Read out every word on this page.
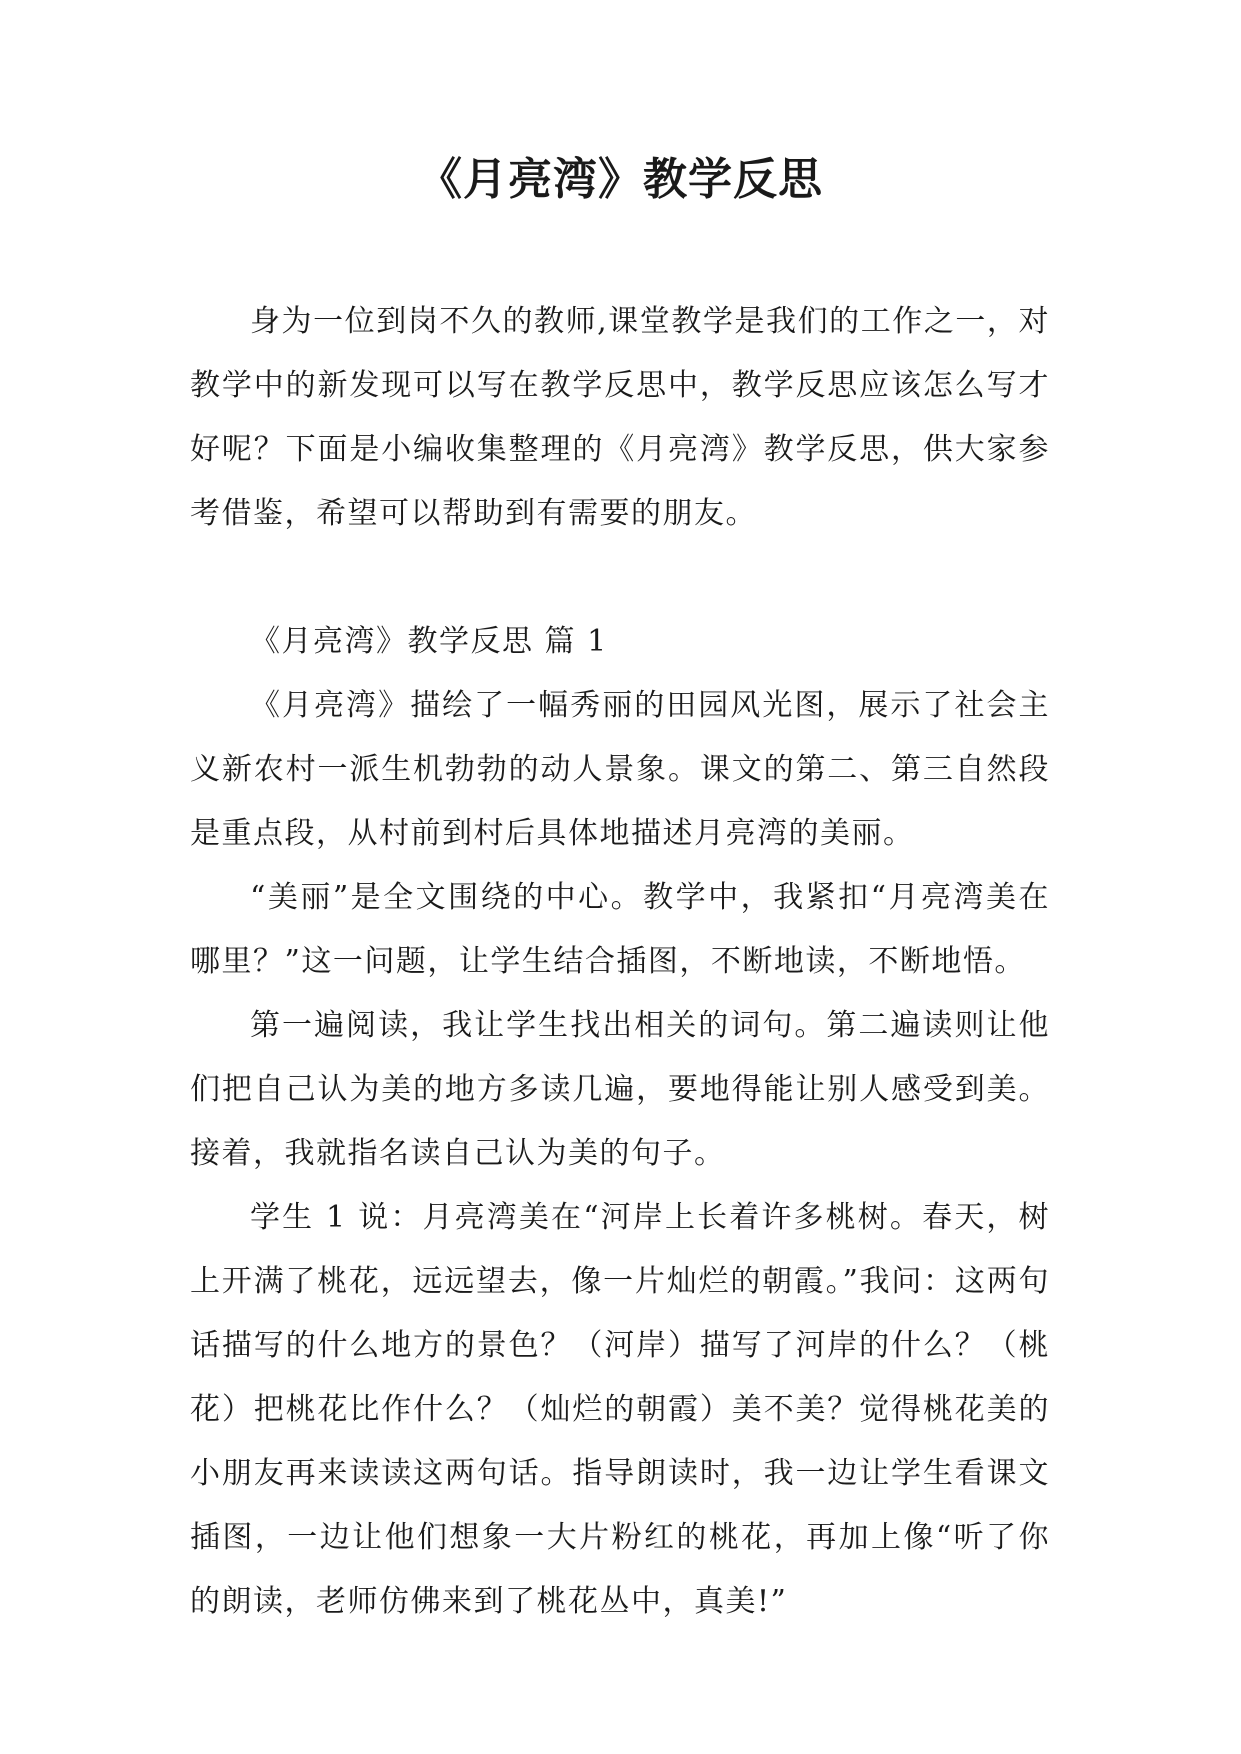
《月亮湾》教学反思

身为一位到岗不久的教师,课堂教学是我们的工作之一，对教学中的新发现可以写在教学反思中，教学反思应该怎么写才好呢？下面是小编收集整理的《月亮湾》教学反思，供大家参考借鉴，希望可以帮助到有需要的朋友。

《月亮湾》教学反思 篇 1

《月亮湾》描绘了一幅秀丽的田园风光图，展示了社会主义新农村一派生机勃勃的动人景象。课文的第二、第三自然段是重点段，从村前到村后具体地描述月亮湾的美丽。

“美丽”是全文围绕的中心。教学中，我紧扣“月亮湾美在哪里？”这一问题，让学生结合插图，不断地读，不断地悟。

第一遍阅读，我让学生找出相关的词句。第二遍读则让他们把自己认为美的地方多读几遍，要地得能让别人感受到美。接着，我就指名读自己认为美的句子。

学生 1 说：月亮湾美在“河岸上长着许多桃树。春天，树上开满了桃花，远远望去，像一片灿烂的朝霞。”我问：这两句话描写的什么地方的景色？（河岸）描写了河岸的什么？（桃花）把桃花比作什么？（灿烂的朝霞）美不美？觉得桃花美的小朋友再来读读这两句话。指导朗读时，我一边让学生看课文插图，一边让他们想象一大片粉红的桃花，再加上像“听了你的朗读，老师仿佛来到了桃花丛中，真美!”
